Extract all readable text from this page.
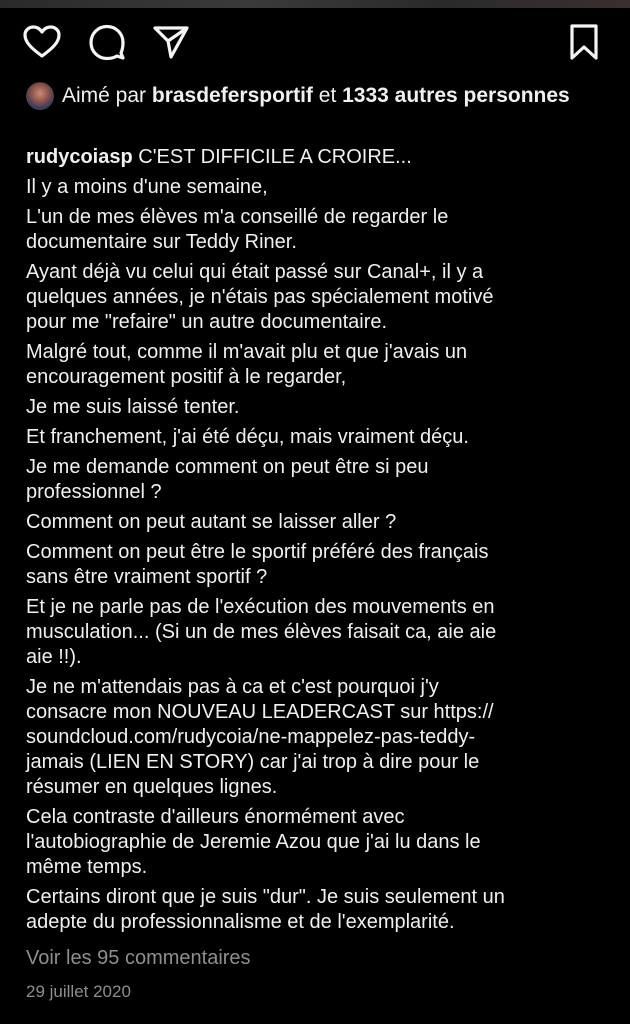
Aimé par brasdefersportif et 1333 autres personnes

rudycoiasp C'EST DIFFICILE A CROIRE...

Il y a moins d'une semaine,

L'un de mes élèves m'a conseillé de regarder le
documentaire sur Teddy Riner.

Ayant déjà vu celui qui était passé sur Canal+, il y a
quelques années, je n'étais pas spécialement motivé
pour me "refaire" un autre documentaire.

Malgré tout, comme il m'avait plu et que j'avais un
encouragement positif à le regarder,

Je me suis laissé tenter.

Et franchement, j'ai été déçu, mais vraiment déçu.

Je me demande comment on peut être si peu
professionnel ?

Comment on peut autant se laisser aller ?

Comment on peut être le sportif préféré des français
sans être vraiment sportif ?

Et je ne parle pas de l'exécution des mouvements en
musculation... (Si un de mes élèves faisait ca, aie aie
aie !!).

Je ne m'attendais pas à ca et c'est pourquoi j'y
consacre mon NOUVEAU LEADERCAST sur https://
soundcloud.com/rudycoia/ne-mappelez-pas-teddy-
jamais (LIEN EN STORY) car j'ai trop à dire pour le
résumer en quelques lignes.

Cela contraste d'ailleurs énormément avec
l'autobiographie de Jeremie Azou que j'ai lu dans le
même temps.

Certains diront que je suis "dur". Je suis seulement un
adepte du professionnalisme et de l'exemplarité.

Voir les 95 commentaires
29 juillet 2020
